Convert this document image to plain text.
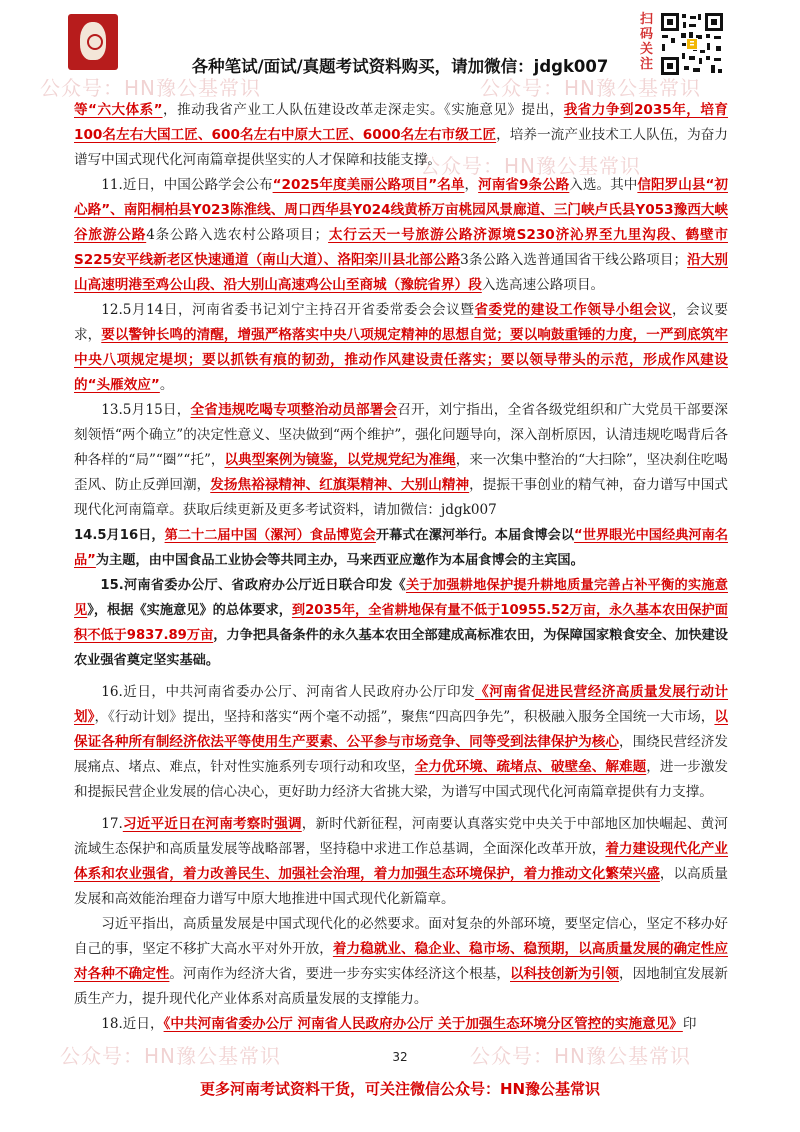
各种笔试/面试/真题考试资料购买，请加微信：jdgk007
扫码关注
公众号：HN豫公基常识	公众号：HN豫公基常识
公众号：HN豫公基常识
公众号：HN豫公基常识	公众号：HN豫公基常识

等“六大体系”，推动我省产业工人队伍建设改革走深走实。《实施意见》提出，我省力争到2035年，培育100名左右大国工匠、600名左右中原大工匠、6000名左右市级工匠，培养一流产业技术工人队伍，为奋力谱写中国式现代化河南篇章提供坚实的人才保障和技能支撑。

11.近日，中国公路学会公布“2025年度美丽公路项目”名单，河南省9条公路入选。其中信阳罗山县“初心路”、南阳桐柏县Y023陈淮线、周口西华县Y024线黄桥万亩桃园风景廊道、三门峡卢氏县Y053豫西大峡谷旅游公路4条公路入选农村公路项目；太行云天一号旅游公路济源境S230济沁界至九里沟段、鹤壁市S225安平线新老区快速通道（南山大道）、洛阳栾川县北部公路3条公路入选普通国省干线公路项目；沿大别山高速明港至鸡公山段、沿大别山高速鸡公山至商城（豫皖省界）段入选高速公路项目。

12.5月14日，河南省委书记刘宁主持召开省委常委会会议暨省委党的建设工作领导小组会议，会议要求，要以警钟长鸣的清醒，增强严格落实中央八项规定精神的思想自觉；要以响鼓重锤的力度，一严到底筑牢中央八项规定堤坝；要以抓铁有痕的韧劲，推动作风建设责任落实；要以领导带头的示范，形成作风建设的“头雁效应”。

13.5月15日，全省违规吃喝专项整治动员部署会召开，刘宁指出，全省各级党组织和广大党员干部要深刻领悟“两个确立”的决定性意义、坚决做到“两个维护”，强化问题导向，深入剖析原因，认清违规吃喝背后各种各样的“局”“圈”“托”，以典型案例为镜鉴，以党规党纪为准绳，来一次集中整治的“大扫除”，坚决刹住吃喝歪风、防止反弹回潮，发扬焦裕禄精神、红旗渠精神、大别山精神，提振干事创业的精气神，奋力谱写中国式现代化河南篇章。获取后续更新及更多考试资料，请加微信：jdgk007

14.5月16日，第二十二届中国（漯河）食品博览会开幕式在漯河举行。本届食博会以“世界眼光中国经典河南名品”为主题，由中国食品工业协会等共同主办，马来西亚应邀作为本届食博会的主宾国。

15.河南省委办公厅、省政府办公厅近日联合印发《关于加强耕地保护提升耕地质量完善占补平衡的实施意见》，根据《实施意见》的总体要求，到2035年，全省耕地保有量不低于10955.52万亩，永久基本农田保护面积不低于9837.89万亩，力争把具备条件的永久基本农田全部建成高标准农田，为保障国家粮食安全、加快建设农业强省奠定坚实基础。

16.近日，中共河南省委办公厅、河南省人民政府办公厅印发《河南省促进民营经济高质量发展行动计划》，《行动计划》提出，坚持和落实“两个毫不动摇”，聚焦“四高四争先”，积极融入服务全国统一大市场，以保证各种所有制经济依法平等使用生产要素、公平参与市场竞争、同等受到法律保护为核心，围绕民营经济发展痛点、堵点、难点，针对性实施系列专项行动和攻坚，全力优环境、疏堵点、破壁垒、解难题，进一步激发和提振民营企业发展的信心决心，更好助力经济大省挑大梁，为谱写中国式现代化河南篇章提供有力支撑。

17.习近平近日在河南考察时强调，新时代新征程，河南要认真落实党中央关于中部地区加快崛起、黄河流域生态保护和高质量发展等战略部署，坚持稳中求进工作总基调，全面深化改革开放，着力建设现代化产业体系和农业强省，着力改善民生、加强社会治理，着力加强生态环境保护，着力推动文化繁荣兴盛，以高质量发展和高效能治理奋力谱写中原大地推进中国式现代化新篇章。

习近平指出，高质量发展是中国式现代化的必然要求。面对复杂的外部环境，要坚定信心，坚定不移办好自己的事，坚定不移扩大高水平对外开放，着力稳就业、稳企业、稳市场、稳预期，以高质量发展的确定性应对各种不确定性。河南作为经济大省，要进一步夯实实体经济这个根基，以科技创新为引领，因地制宜发展新质生产力，提升现代化产业体系对高质量发展的支撑能力。

18.近日，《中共河南省委办公厅 河南省人民政府办公厅 关于加强生态环境分区管控的实施意见》印

32
更多河南考试资料干货，可关注微信公众号：HN豫公基常识
